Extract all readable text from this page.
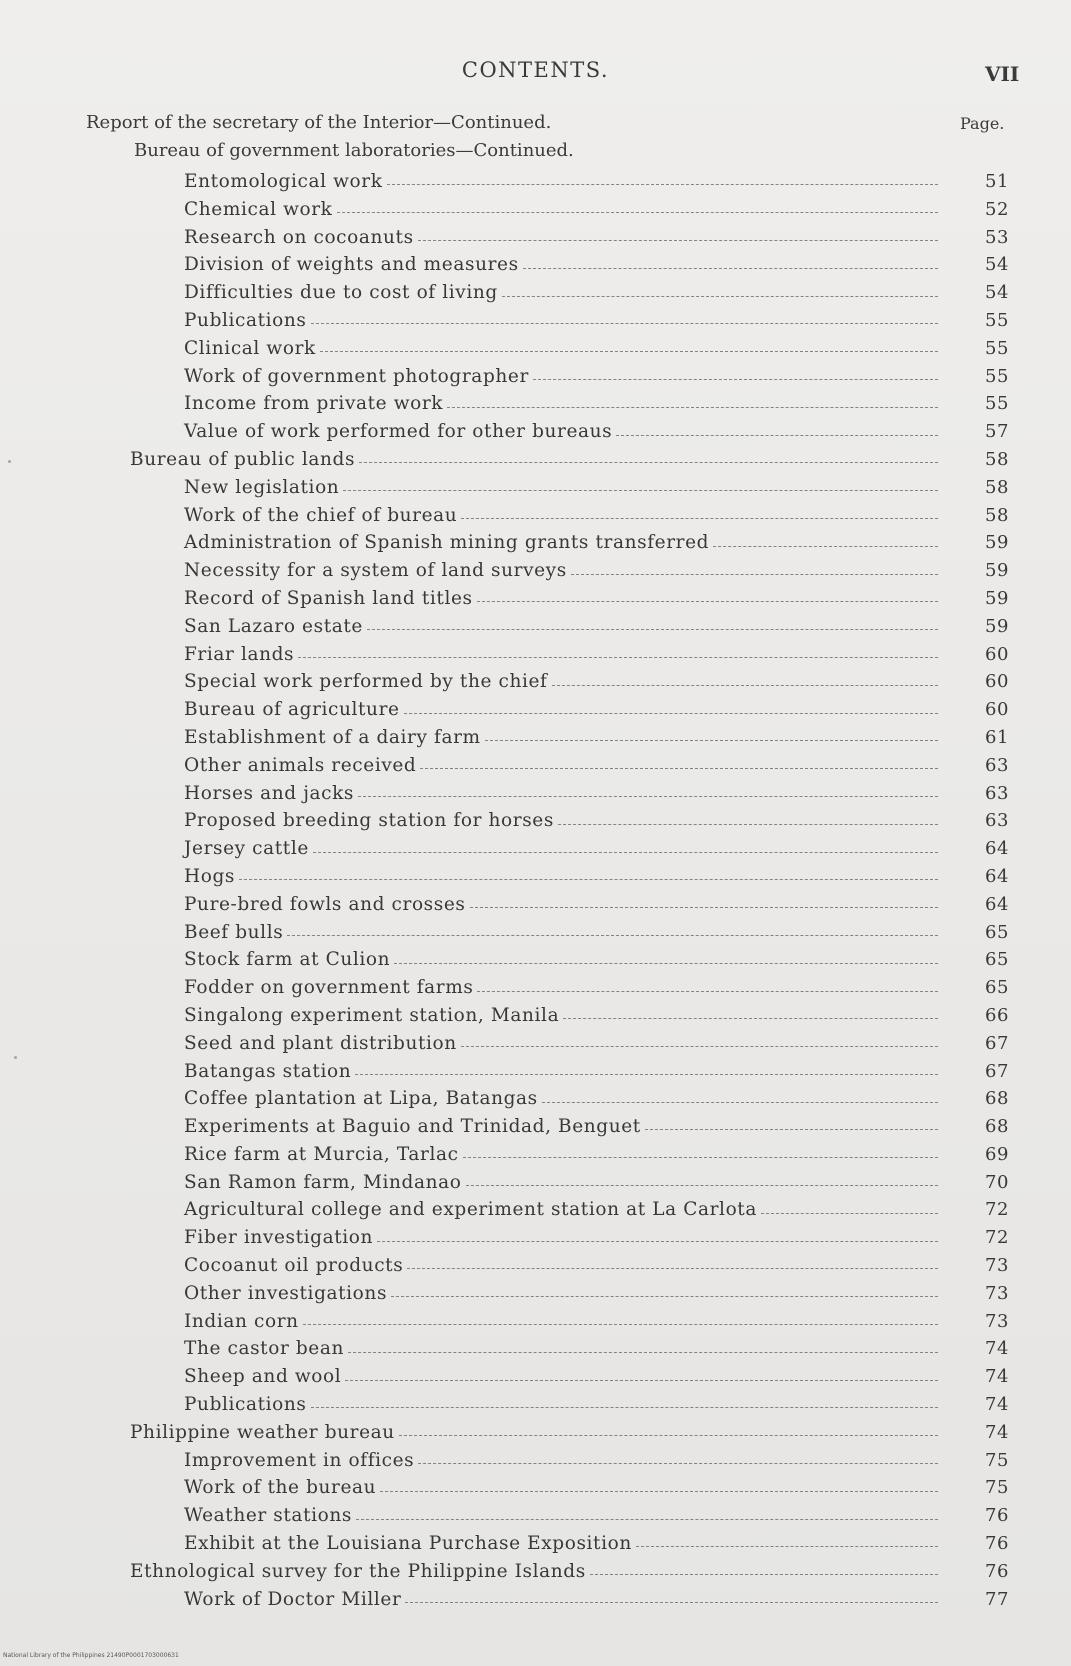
CONTENTS.	VII
Report of the secretary of the Interior—Continued.	Page.
Bureau of government laboratories—Continued.
Entomological work	51
Chemical work	52
Research on cocoanuts	53
Division of weights and measures	54
Difficulties due to cost of living	54
Publications	55
Clinical work	55
Work of government photographer	55
Income from private work	55
Value of work performed for other bureaus	57
Bureau of public lands	58
New legislation	58
Work of the chief of bureau	58
Administration of Spanish mining grants transferred	59
Necessity for a system of land surveys	59
Record of Spanish land titles	59
San Lazaro estate	59
Friar lands	60
Special work performed by the chief	60
Bureau of agriculture	60
Establishment of a dairy farm	61
Other animals received	63
Horses and jacks	63
Proposed breeding station for horses	63
Jersey cattle	64
Hogs	64
Pure-bred fowls and crosses	64
Beef bulls	65
Stock farm at Culion	65
Fodder on government farms	65
Singalong experiment station, Manila	66
Seed and plant distribution	67
Batangas station	67
Coffee plantation at Lipa, Batangas	68
Experiments at Baguio and Trinidad, Benguet	68
Rice farm at Murcia, Tarlac	69
San Ramon farm, Mindanao	70
Agricultural college and experiment station at La Carlota	72
Fiber investigation	72
Cocoanut oil products	73
Other investigations	73
Indian corn	73
The castor bean	74
Sheep and wool	74
Publications	74
Philippine weather bureau	74
Improvement in offices	75
Work of the bureau	75
Weather stations	76
Exhibit at the Louisiana Purchase Exposition	76
Ethnological survey for the Philippine Islands	76
Work of Doctor Miller	77
National Library of the Philippines 21490P0001703000631
